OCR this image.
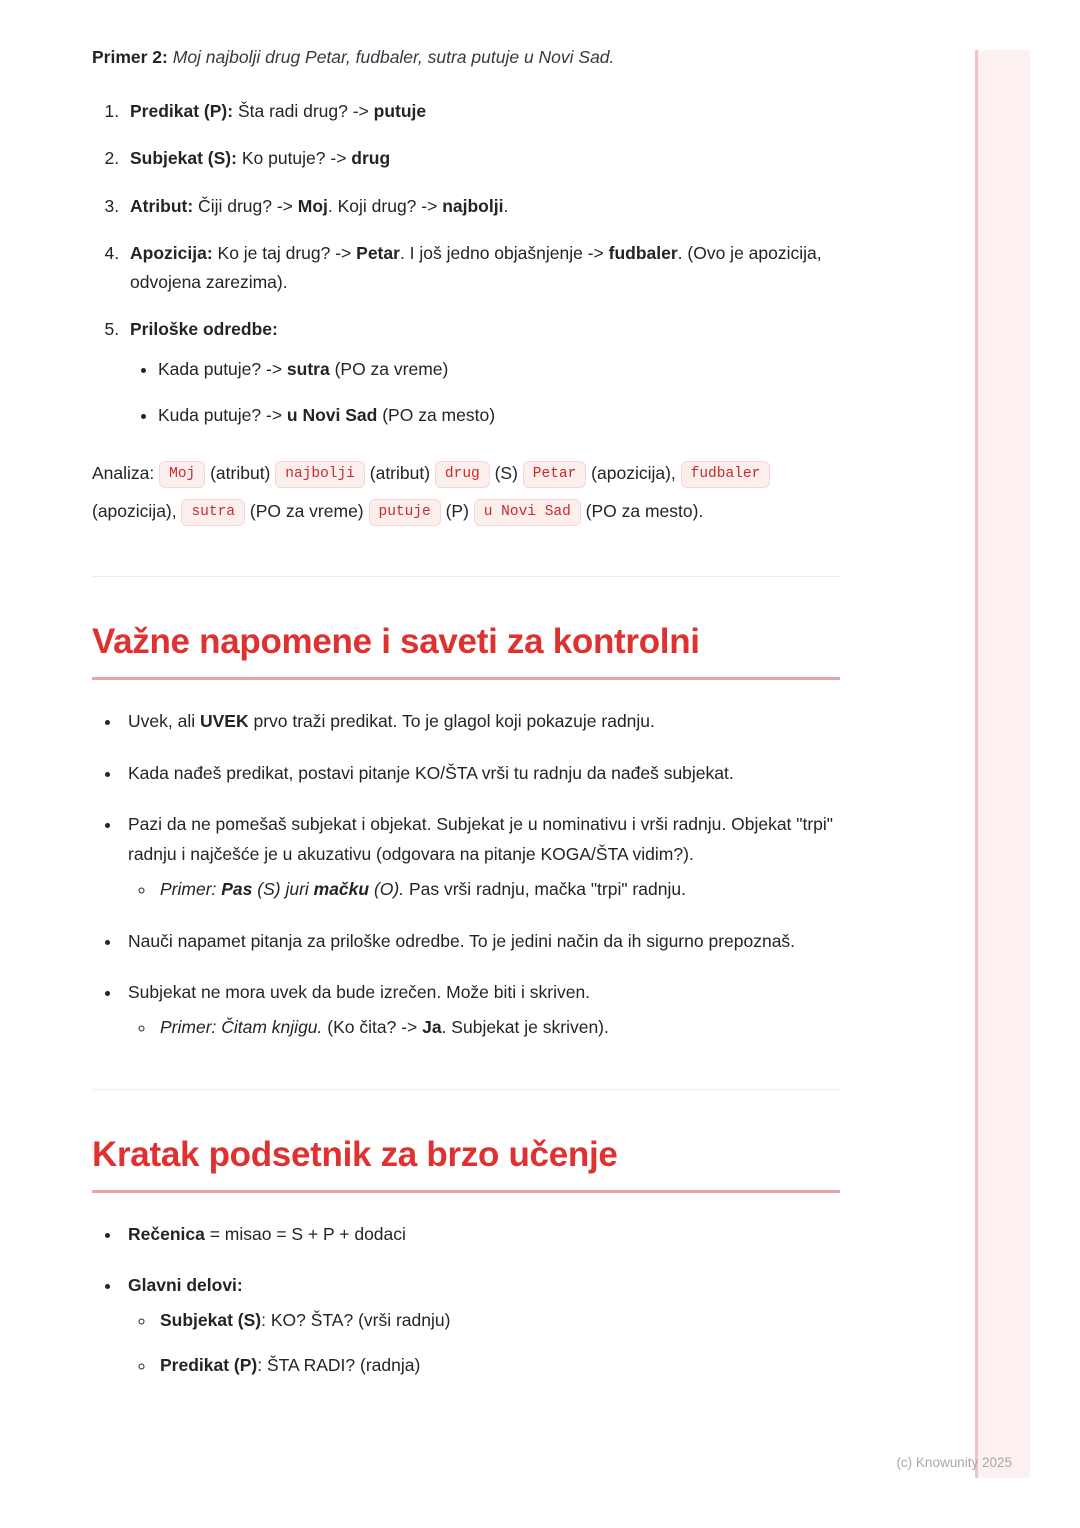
Primer 2: Moj najbolji drug Petar, fudbaler, sutra putuje u Novi Sad.

1. Predikat (P): Šta radi drug? -> putuje
2. Subjekat (S): Ko putuje? -> drug
3. Atribut: Čiji drug? -> Moj. Koji drug? -> najbolji.
4. Apozicija: Ko je taj drug? -> Petar. I još jedno objašnjenje -> fudbaler. (Ovo je apozicija, odvojena zarezima).
5. Priloške odredbe:
• Kada putuje? -> sutra (PO za vreme)
• Kuda putuje? -> u Novi Sad (PO za mesto)

Analiza: Moj (atribut) najbolji (atribut) drug (S) Petar (apozicija), fudbaler (apozicija), sutra (PO za vreme) putuje (P) u Novi Sad (PO za mesto).

Važne napomene i saveti za kontrolni
• Uvek, ali UVEK prvo traži predikat. To je glagol koji pokazuje radnju.
• Kada nađeš predikat, postavi pitanje KO/ŠTA vrši tu radnju da nađeš subjekat.
• Pazi da ne pomešaš subjekat i objekat. Subjekat je u nominativu i vrši radnju. Objekat "trpi" radnju i najčešće je u akuzativu (odgovara na pitanje KOGA/ŠTA vidim?).
◦ Primer: Pas (S) juri mačku (O). Pas vrši radnju, mačka "trpi" radnju.
• Nauči napamet pitanja za priloške odredbe. To je jedini način da ih sigurno prepoznaš.
• Subjekat ne mora uvek da bude izrečen. Može biti i skriven.
◦ Primer: Čitam knjigu. (Ko čita? -> Ja. Subjekat je skriven).
Kratak podsetnik za brzo učenje
• Rečenica = misao = S + P + dodaci
• Glavni delovi:
◦ Subjekat (S): KO? ŠTA? (vrši radnju)
◦ Predikat (P): ŠTA RADI? (radnja)
(c) Knowunity 2025
